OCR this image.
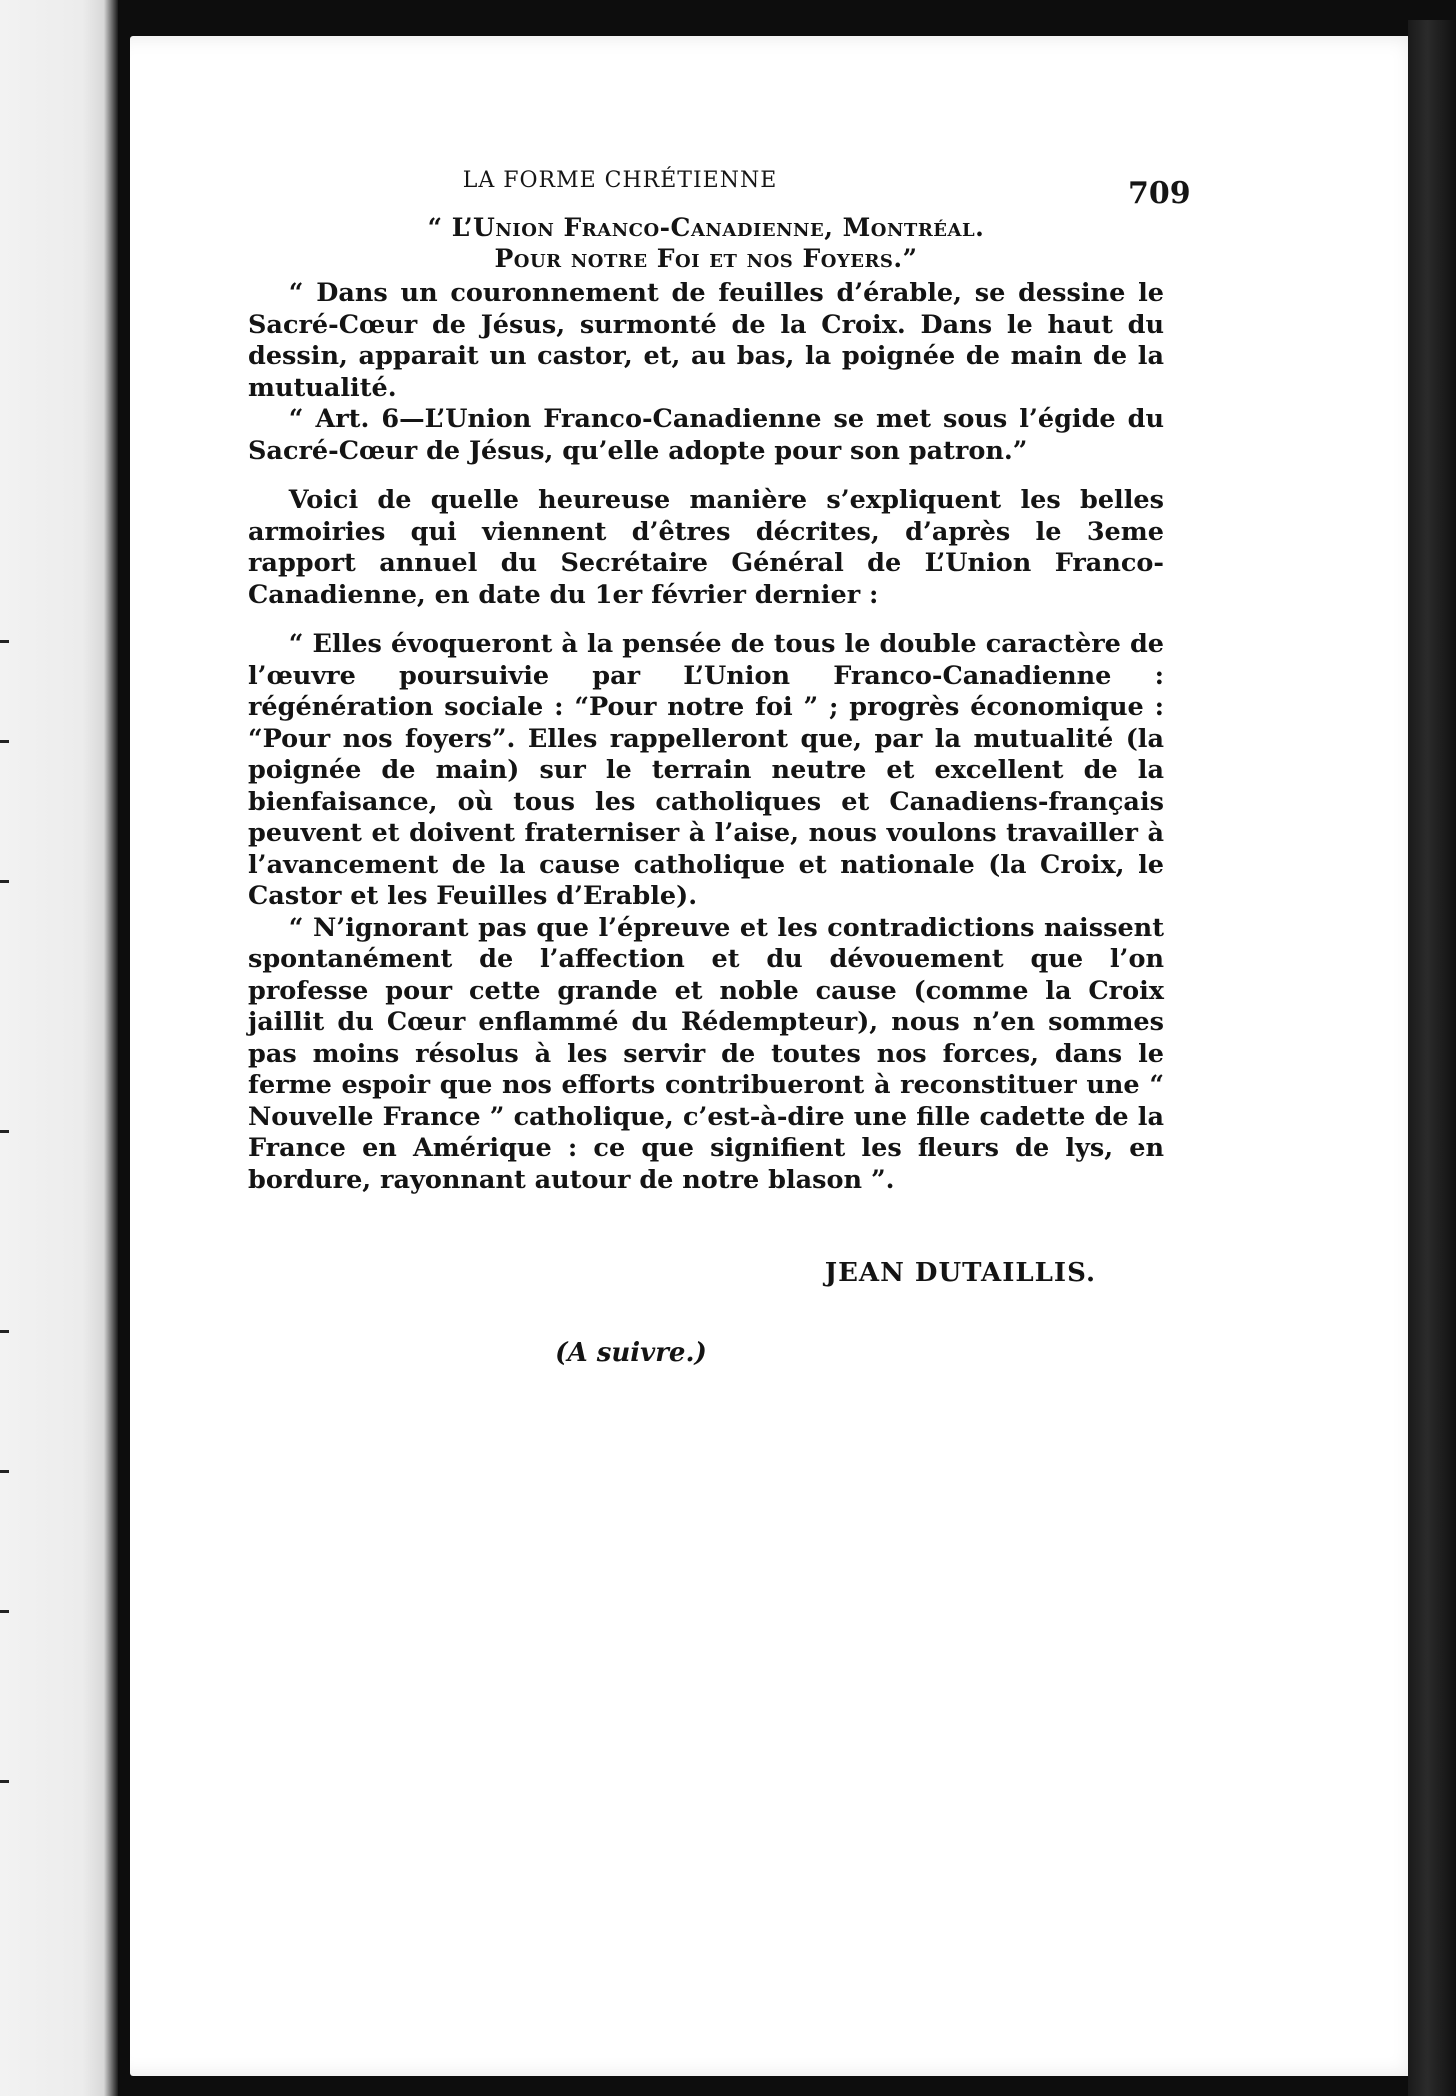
LA FORME CHRÉTIENNE	709
“ L’Union Franco-Canadienne, Montréal.
Pour notre Foi et nos Foyers.”

“ Dans un couronnement de feuilles d’érable, se dessine le Sacré-Cœur de Jésus, surmonté de la Croix. Dans le haut du dessin, apparait un castor, et, au bas, la poignée de main de la mutualité.

“ Art. 6—L’Union Franco-Canadienne se met sous l’égide du Sacré-Cœur de Jésus, qu’elle adopte pour son patron.”

Voici de quelle heureuse manière s’expliquent les belles armoiries qui viennent d’êtres décrites, d’après le 3eme rapport annuel du Secrétaire Général de L’Union Franco-Canadienne, en date du 1er février dernier :

“ Elles évoqueront à la pensée de tous le double caractère de l’œuvre poursuivie par L’Union Franco-Canadienne : régénération sociale : “Pour notre foi ” ; progrès économique : “Pour nos foyers”. Elles rappelleront que, par la mutualité (la poignée de main) sur le terrain neutre et excellent de la bienfaisance, où tous les catholiques et Canadiens-français peuvent et doivent fraterniser à l’aise, nous voulons travailler à l’avancement de la cause catholique et nationale (la Croix, le Castor et les Feuilles d’Erable).

“ N’ignorant pas que l’épreuve et les contradictions naissent spontanément de l’affection et du dévouement que l’on professe pour cette grande et noble cause (comme la Croix jaillit du Cœur enflammé du Rédempteur), nous n’en sommes pas moins résolus à les servir de toutes nos forces, dans le ferme espoir que nos efforts contribueront à reconstituer une “ Nouvelle France ” catholique, c’est-à-dire une fille cadette de la France en Amérique : ce que signifient les fleurs de lys, en bordure, rayonnant autour de notre blason ”.

JEAN DUTAILLIS.
(A suivre.)
